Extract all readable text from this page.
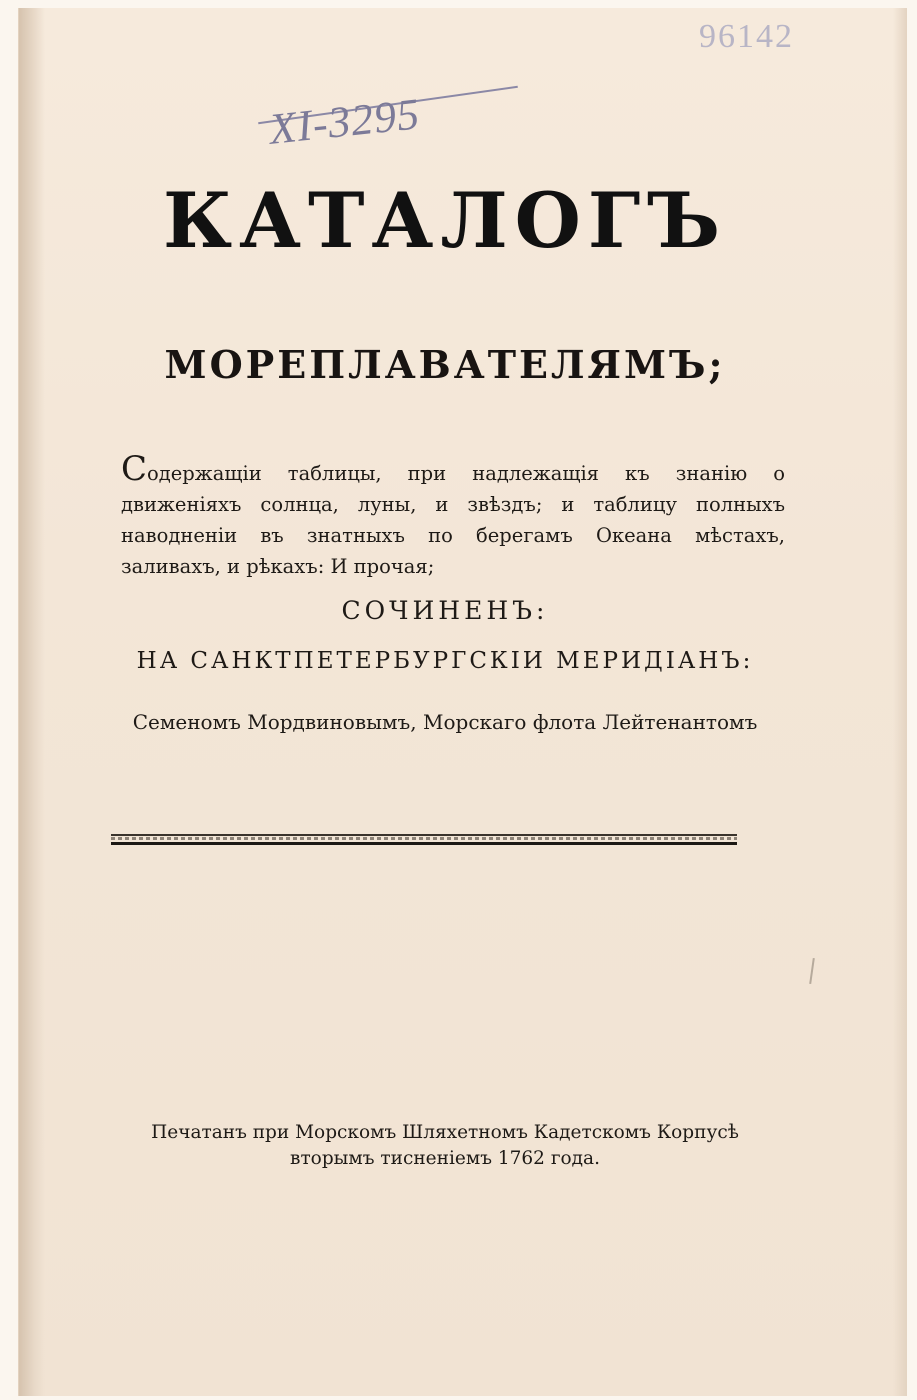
96142
XI-3295
КАТАЛОГЪ
МОРЕПЛАВАТЕЛЯМЪ;
Содержащіи таблицы, при надлежащія къ знанію о движеніяхъ солнца, луны, и звѣздъ; и таблицу полныхъ наводненіи въ знатныхъ по берегамъ Океана мѣстахъ, заливахъ, и рѣкахъ: И прочая;
СОЧИНЕНЪ:
НА САНКТПЕТЕРБУРГСКІИ МЕРИДІАНЪ:
Семеномъ Мордвиновымъ, Морскаго флота Лейтенантомъ
Печатанъ при Морскомъ Шляхетномъ Кадетскомъ Корпусѣ
вторымъ тисненіемъ 1762 года.
